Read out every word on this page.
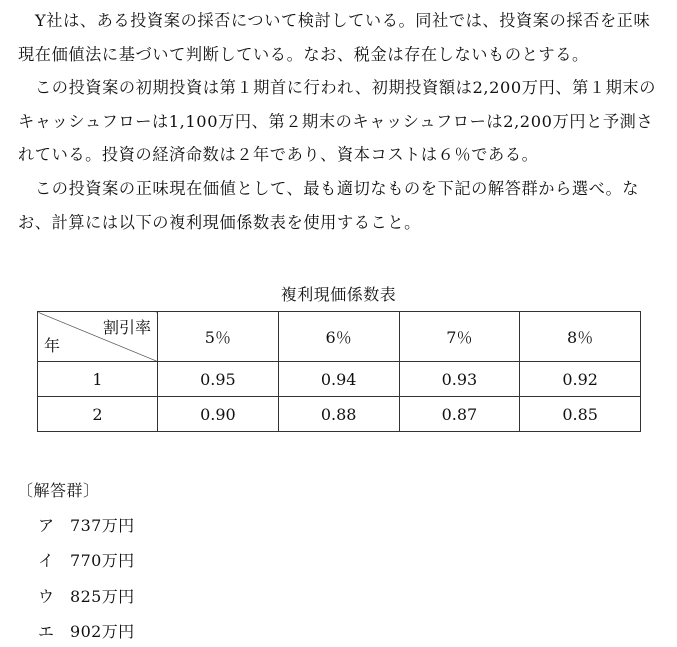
Y社は、ある投資案の採否について検討している。同社では、投資案の採否を正味現在価値法に基づいて判断している。なお、税金は存在しないものとする。

この投資案の初期投資は第１期首に行われ、初期投資額は2,200万円、第１期末のキャッシュフローは1,100万円、第２期末のキャッシュフローは2,200万円と予測されている。投資の経済命数は２年であり、資本コストは６％である。

この投資案の正味現在価値として、最も適切なものを下記の解答群から選べ。なお、計算には以下の複利現価係数表を使用すること。

複利現価係数表
割引率
年	5％	6％	7％	8％
1	0.95	0.94	0.93	0.92
2	0.90	0.88	0.87	0.85
〔解答群〕
ア 737万円
イ 770万円
ウ 825万円
エ 902万円
